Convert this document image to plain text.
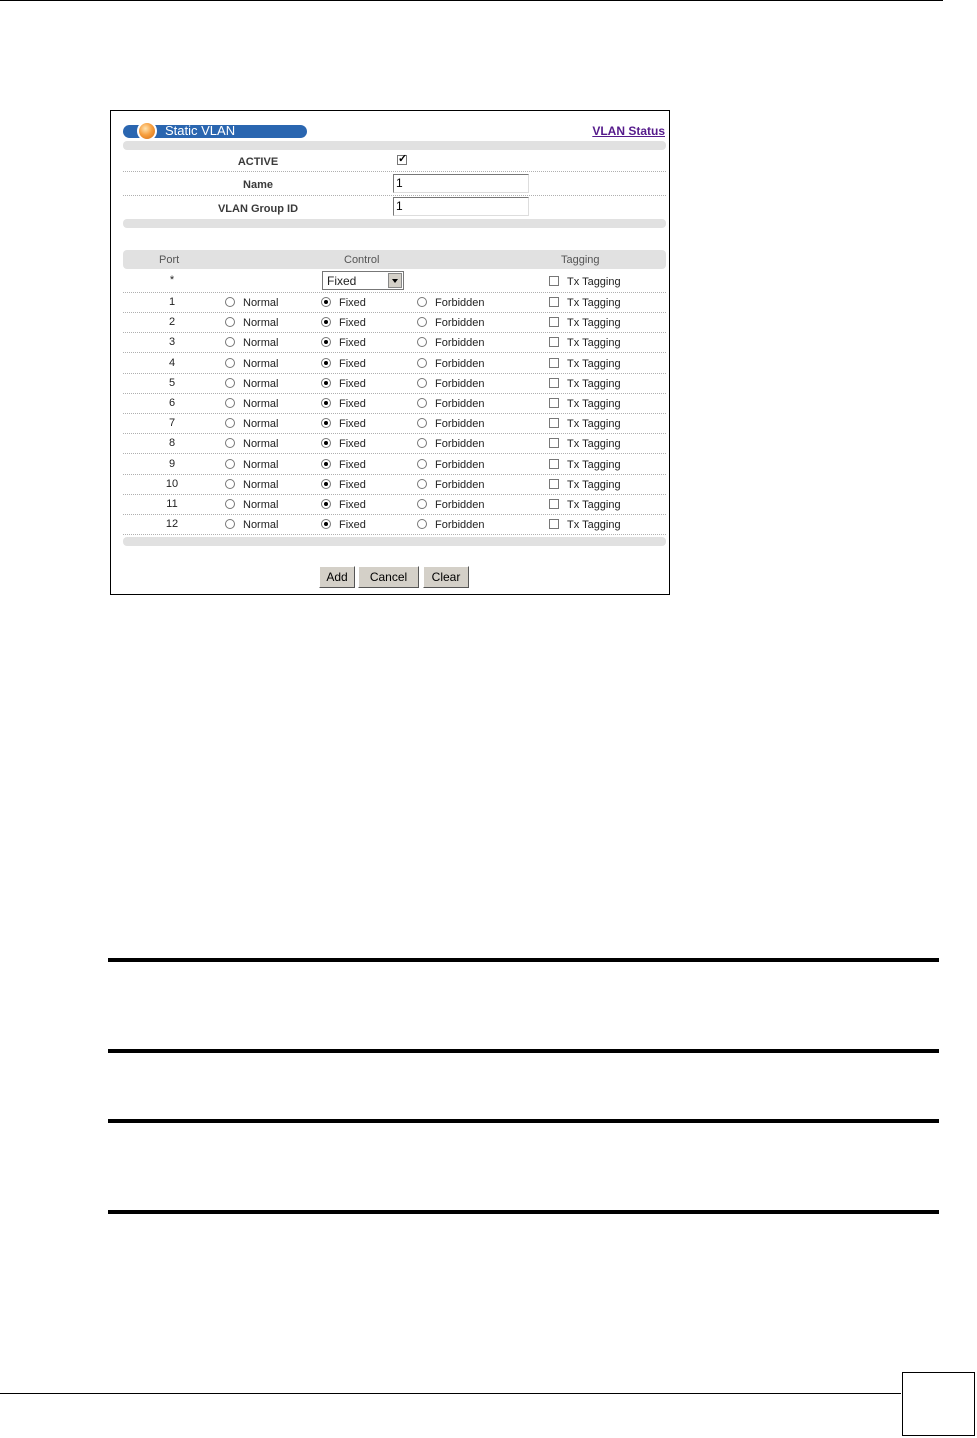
Static VLAN	VLAN Status
ACTIVE
✓
Name	1
VLAN Group ID	1
Port	Control	Tagging
*	Fixed	Tx Tagging
1	Normal	Fixed	Forbidden	Tx Tagging
2	Normal	Fixed	Forbidden	Tx Tagging
3	Normal	Fixed	Forbidden	Tx Tagging
4	Normal	Fixed	Forbidden	Tx Tagging
5	Normal	Fixed	Forbidden	Tx Tagging
6	Normal	Fixed	Forbidden	Tx Tagging
7	Normal	Fixed	Forbidden	Tx Tagging
8	Normal	Fixed	Forbidden	Tx Tagging
9	Normal	Fixed	Forbidden	Tx Tagging
10	Normal	Fixed	Forbidden	Tx Tagging
11	Normal	Fixed	Forbidden	Tx Tagging
12	Normal	Fixed	Forbidden	Tx Tagging
Add	Cancel	Clear
